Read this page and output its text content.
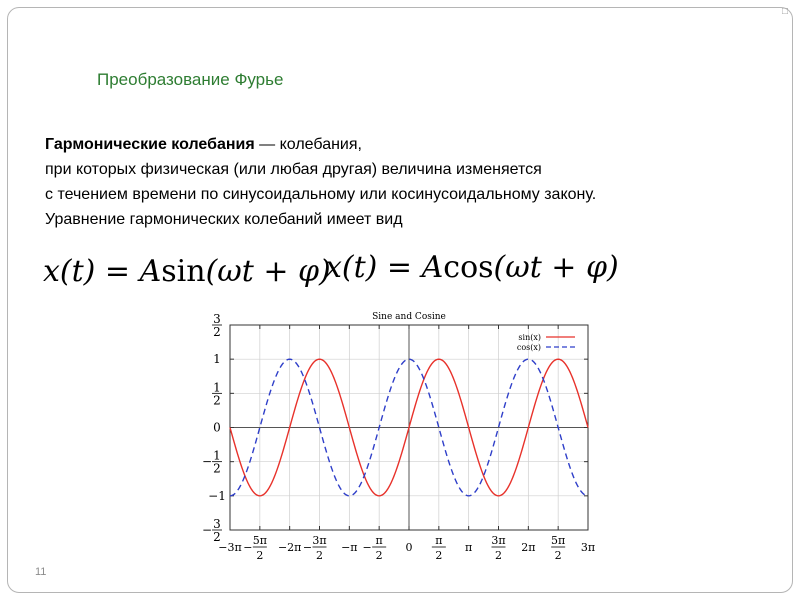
□
Преобразование Фурье
11
Гармонические колебания — колебания,
при которых физическая (или любая другая) величина изменяется
с течением времени по синусоидальному или косинусоидальному закону.
Уравнение гармонических колебаний имеет вид
x(t) = Asin(ωt + φ)
x(t) = Acos(ωt + φ)
Sine and Cosine
3
2
1
1
2
0
1
2
−
−1
3
2
−
−3π
5π
2
− −2π
3π
2
−	−π
π
2
−	0
π
2
π
3π
2
2π
5π
2
3π
sin(x)
cos(x)
